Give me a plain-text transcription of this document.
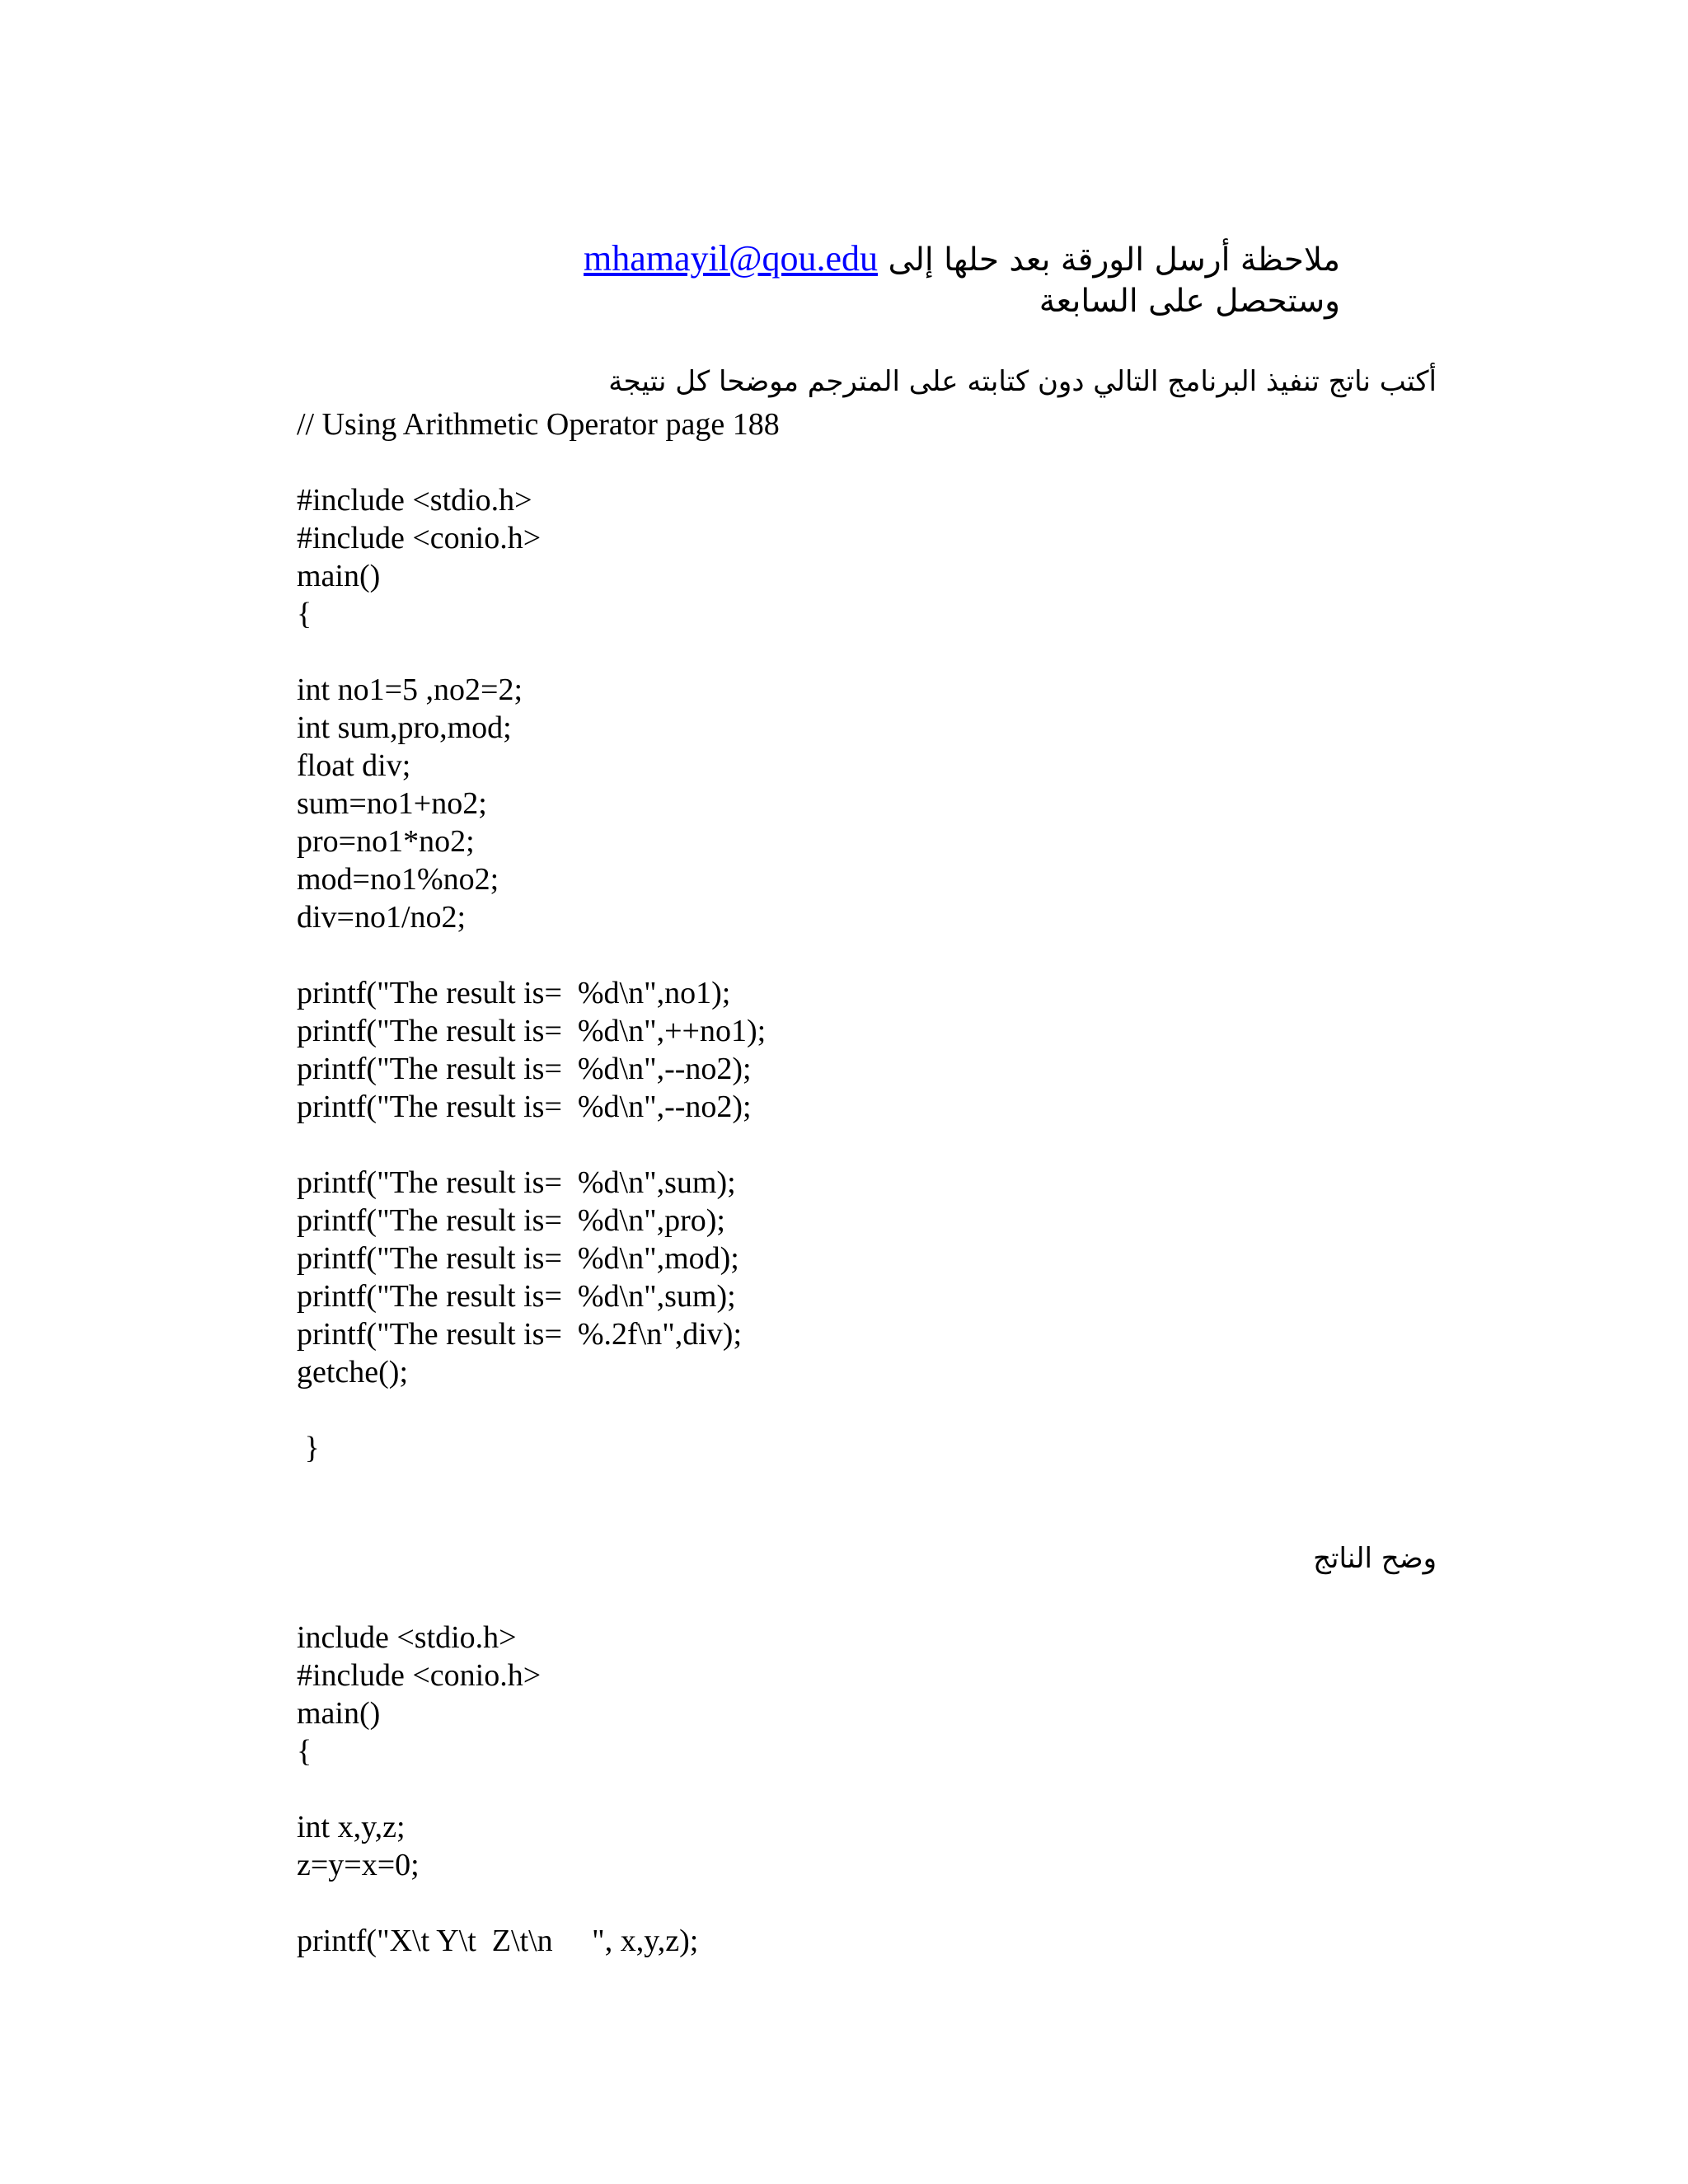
ملاحظة أرسل الورقة بعد حلها إلى mhamayil@qou.edu
وستحصل على السابعة
أكتب ناتج تنفيذ البرنامج التالي دون كتابته على المترجم موضحا كل نتيجة
// Using Arithmetic Operator page 188
#include <stdio.h>
#include <conio.h>
main()
{
int no1=5 ,no2=2;
int sum,pro,mod;
float div;
sum=no1+no2;
pro=no1*no2;
mod=no1%no2;
div=no1/no2;
printf("The result is=  %d\n",no1);
printf("The result is=  %d\n",++no1);
printf("The result is=  %d\n",--no2);
printf("The result is=  %d\n",--no2);
printf("The result is=  %d\n",sum);
printf("The result is=  %d\n",pro);
printf("The result is=  %d\n",mod);
printf("The result is=  %d\n",sum);
printf("The result is=  %.2f\n",div);
getche();
}
وضح الناتج
include <stdio.h>
#include <conio.h>
main()
{
int x,y,z;
z=y=x=0;
printf("X\t Y\t  Z\t\n     ", x,y,z);
